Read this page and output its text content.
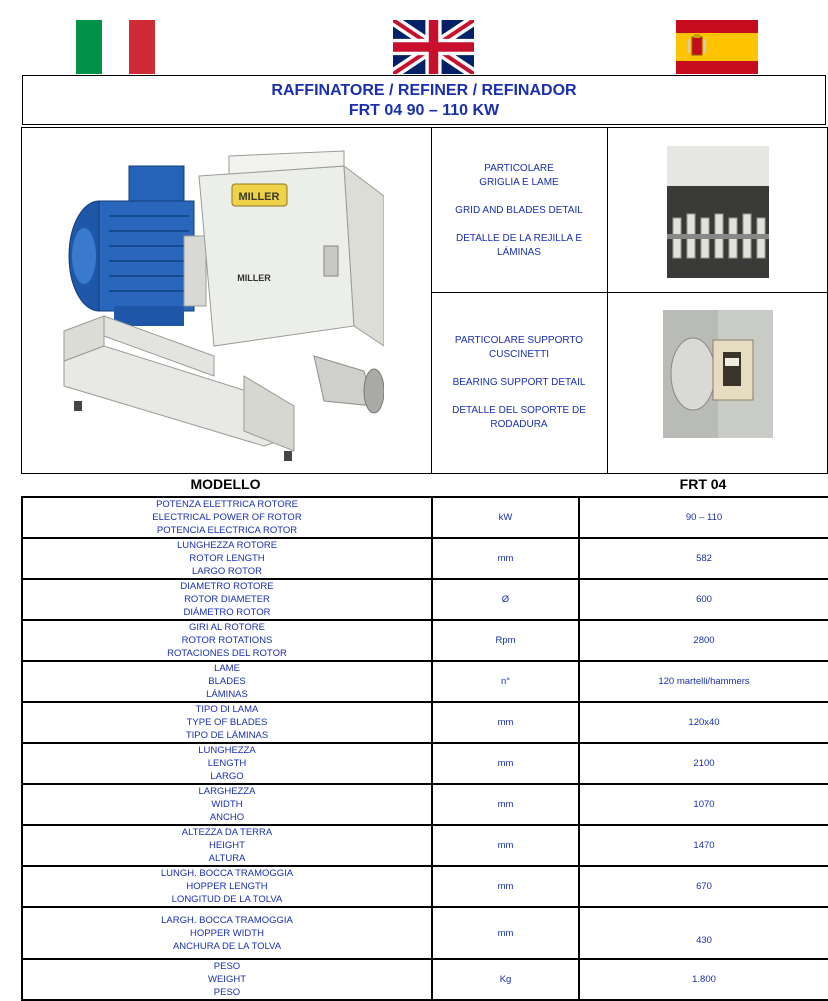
RAFFINATORE / REFINER / REFINADOR
FRT 04 90 – 110 KW
MILLER
MILLER
PARTICOLARE
GRIGLIA E LAME
GRID AND BLADES DETAIL
DETALLE DE LA REJILLA E
LÁMINAS
PARTICOLARE SUPPORTO
CUSCINETTI
BEARING SUPPORT DETAIL
DETALLE DEL SOPORTE DE
RODADURA
MODELLO	FRT 04
POTENZA ELETTRICA ROTORE
ELECTRICAL POWER OF ROTOR
POTENCIA ELECTRICA ROTOR	kW	90 – 110

LUNGHEZZA ROTORE
ROTOR LENGTH
LARGO ROTOR	mm	582

DIAMETRO ROTORE
ROTOR DIAMETER
DIÁMETRO ROTOR	Ø	600

GIRI AL ROTORE
ROTOR ROTATIONS
ROTACIONES DEL ROTOR	Rpm	2800

LAME
BLADES
LÁMINAS	n°	120 martelli/hammers

TIPO DI LAMA
TYPE OF BLADES
TIPO DE LÁMINAS	mm	120x40

LUNGHEZZA
LENGTH
LARGO	mm	2100

LARGHEZZA
WIDTH
ANCHO	mm	1070

ALTEZZA DA TERRA
HEIGHT
ALTURA	mm	1470

LUNGH. BOCCA TRAMOGGIA
HOPPER LENGTH
LONGITUD DE LA TOLVA	mm	670

LARGH. BOCCA TRAMOGGIA
HOPPER WIDTH
ANCHURA DE LA TOLVA	mm	430

PESO
WEIGHT
PESO	Kg	1.800
